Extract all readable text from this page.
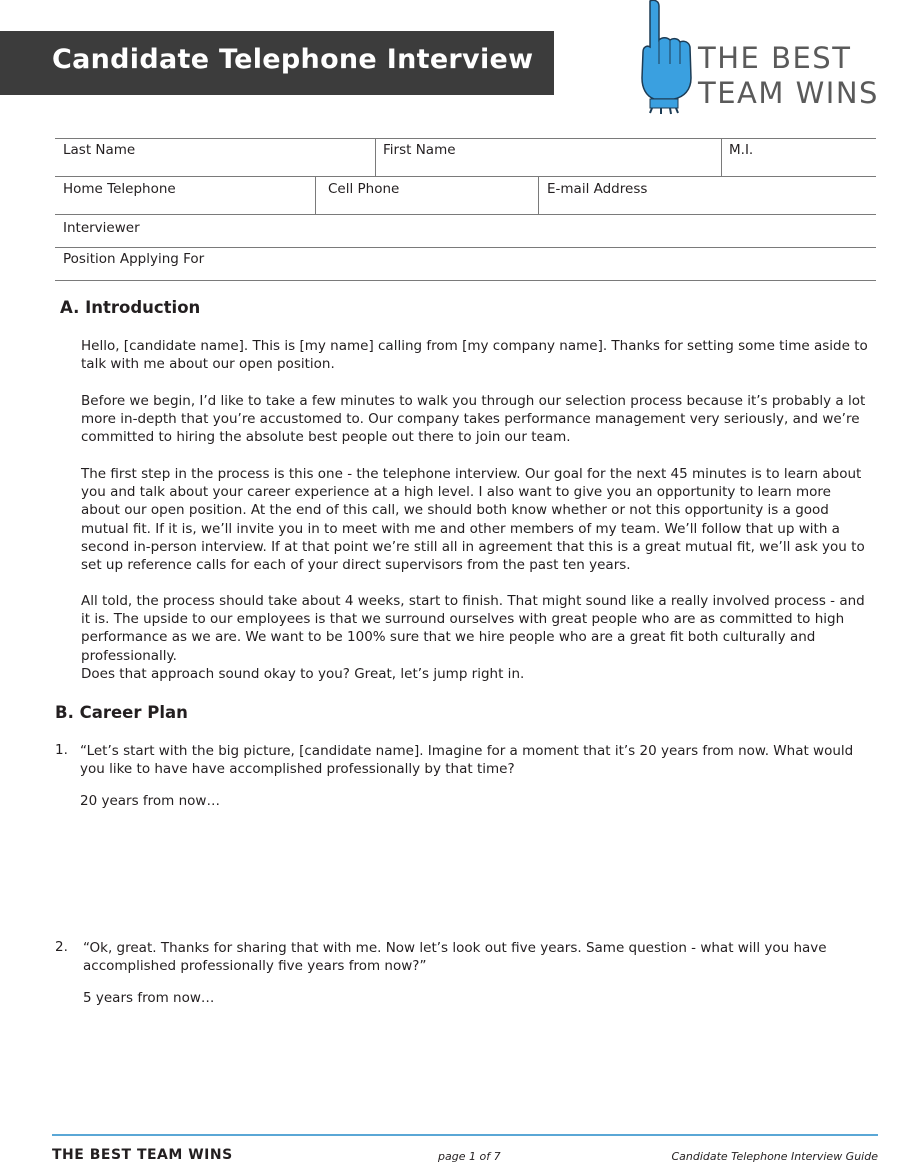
Candidate Telephone Interview	THE BEST
TEAM WINS
Last Name	First Name	M.I.
Home Telephone	Cell Phone	E-mail Address
Interviewer
Position Applying For
A. Introduction

Hello, [candidate name]. This is [my name] calling from [my company name]. Thanks for setting some time aside to talk with me about our open position.

Before we begin, I’d like to take a few minutes to walk you through our selection process because it’s probably a lot more in-depth that you’re accustomed to. Our company takes performance management very seriously, and we’re committed to hiring the absolute best people out there to join our team.

The first step in the process is this one - the telephone interview. Our goal for the next 45 minutes is to learn about you and talk about your career experience at a high level. I also want to give you an opportunity to learn more about our open position. At the end of this call, we should both know whether or not this opportunity is a good mutual fit. If it is, we’ll invite you in to meet with me and other members of my team. We’ll follow that up with a second in-person interview. If at that point we’re still all in agreement that this is a great mutual fit, we’ll ask you to set up reference calls for each of your direct supervisors from the past ten years.

All told, the process should take about 4 weeks, start to finish. That might sound like a really involved process - and it is. The upside to our employees is that we surround ourselves with great people who are as committed to high performance as we are. We want to be 100% sure that we hire people who are a great fit both culturally and professionally.

Does that approach sound okay to you? Great, let’s jump right in.

B. Career Plan
1. “Let’s start with the big picture, [candidate name]. Imagine for a moment that it’s 20 years from now. What would you like to have have accomplished professionally by that time?

20 years from now…
2. “Ok, great. Thanks for sharing that with me. Now let’s look out five years. Same question - what will you have accomplished professionally five years from now?”

5 years from now…
THE BEST TEAM WINS	page 1 of 7	Candidate Telephone Interview Guide
